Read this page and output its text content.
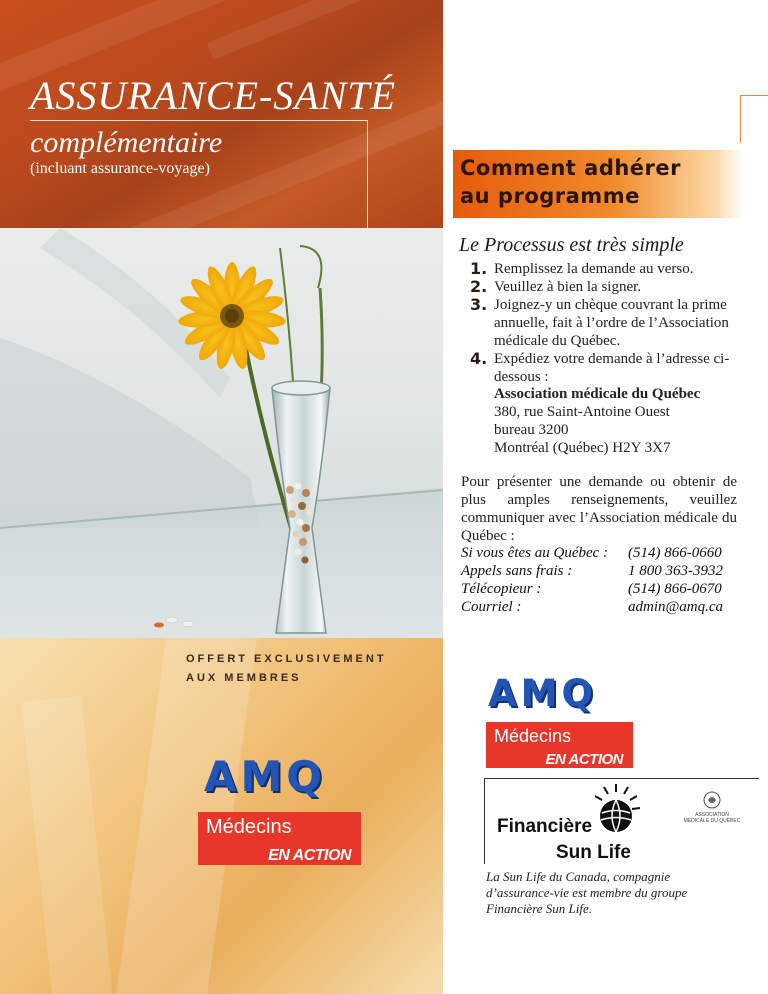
ASSURANCE-SANTÉ
complémentaire
(incluant assurance-voyage)
OFFERT EXCLUSIVEMENT
AUX MEMBRES
AMQ
Médecins
EN ACTION
Comment adhérer
au programme
Le Processus est très simple
1. Remplissez la demande au verso.
2. Veuillez à bien la signer.
3. Joignez-y un chèque couvrant la prime annuelle, fait à l’ordre de l’Association médicale du Québec.
4. Expédiez votre demande à l’adresse ci-dessous :
Association médicale du Québec
380, rue Saint-Antoine Ouest
bureau 3200
Montréal (Québec) H2Y 3X7
Pour présenter une demande ou obtenir de plus amples renseignements, veuillez communiquer avec l’Association médicale du Québec :
Si vous êtes au Québec : (514) 866-0660
Appels sans frais :	1 800 363-3932
Télécopieur :	(514) 866-0670
Courriel :	admin@amq.ca
AMQ
Médecins
EN ACTION
Financière
Sun Life
ASSOCIATION MÉDICALE DU QUÉBEC
La Sun Life du Canada, compagnie d’assurance-vie est membre du groupe Financière Sun Life.
